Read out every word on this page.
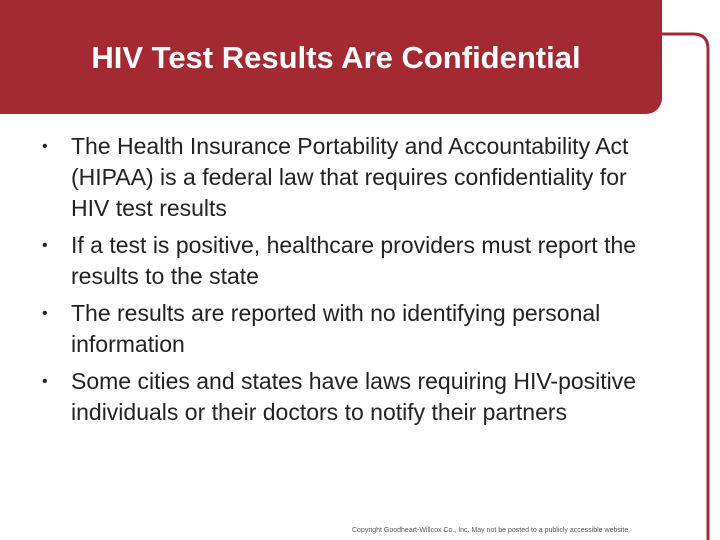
HIV Test Results Are Confidential
•	The Health Insurance Portability and Accountability Act (HIPAA) is a federal law that requires confidentiality for HIV test results
•	If a test is positive, healthcare providers must report the results to the state
•	The results are reported with no identifying personal information
•	Some cities and states have laws requiring HIV-positive individuals or their doctors to notify their partners
Copyright Goodheart-Willcox Co., Inc. May not be posted to a publicly accessible website.
